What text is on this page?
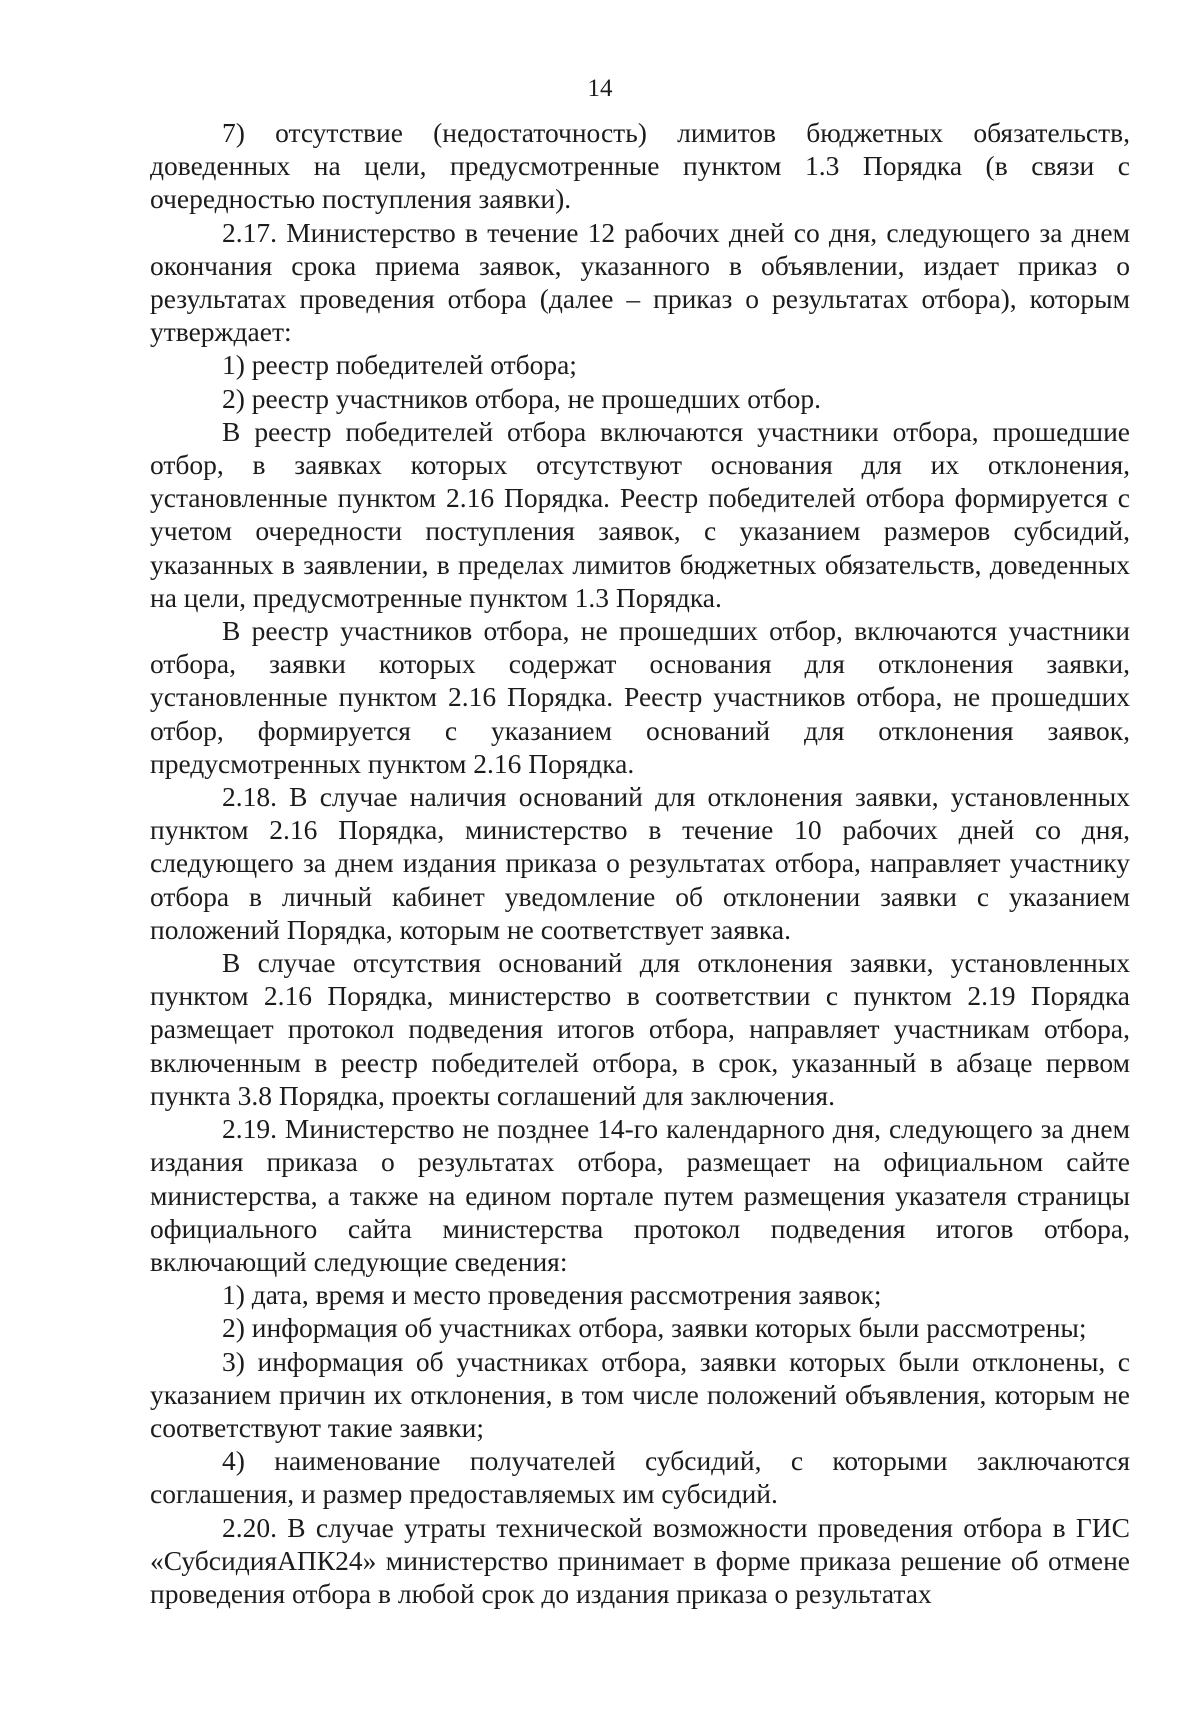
14

7) отсутствие (недостаточность) лимитов бюджетных обязательств, доведенных на цели, предусмотренные пунктом 1.3 Порядка (в связи с очередностью поступления заявки).

2.17. Министерство в течение 12 рабочих дней со дня, следующего за днем окончания срока приема заявок, указанного в объявлении, издает приказ о результатах проведения отбора (далее – приказ о результатах отбора), которым утверждает:

1) реестр победителей отбора;

2) реестр участников отбора, не прошедших отбор.

В реестр победителей отбора включаются участники отбора, прошедшие отбор, в заявках которых отсутствуют основания для их отклонения, установленные пунктом 2.16 Порядка. Реестр победителей отбора формируется с учетом очередности поступления заявок, с указанием размеров субсидий, указанных в заявлении, в пределах лимитов бюджетных обязательств, доведенных на цели, предусмотренные пунктом 1.3 Порядка.

В реестр участников отбора, не прошедших отбор, включаются участники отбора, заявки которых содержат основания для отклонения заявки, установленные пунктом 2.16 Порядка. Реестр участников отбора, не прошедших отбор, формируется с указанием оснований для отклонения заявок, предусмотренных пунктом 2.16 Порядка.

2.18. В случае наличия оснований для отклонения заявки, установленных пунктом 2.16 Порядка, министерство в течение 10 рабочих дней со дня, следующего за днем издания приказа о результатах отбора, направляет участнику отбора в личный кабинет уведомление об отклонении заявки с указанием положений Порядка, которым не соответствует заявка.

В случае отсутствия оснований для отклонения заявки, установленных пунктом 2.16 Порядка, министерство в соответствии с пунктом 2.19 Порядка размещает протокол подведения итогов отбора, направляет участникам отбора, включенным в реестр победителей отбора, в срок, указанный в абзаце первом пункта 3.8 Порядка, проекты соглашений для заключения.

2.19. Министерство не позднее 14-го календарного дня, следующего за днем издания приказа о результатах отбора, размещает на официальном сайте министерства, а также на едином портале путем размещения указателя страницы официального сайта министерства протокол подведения итогов отбора, включающий следующие сведения:

1) дата, время и место проведения рассмотрения заявок;

2) информация об участниках отбора, заявки которых были рассмотрены;

3) информация об участниках отбора, заявки которых были отклонены, с указанием причин их отклонения, в том числе положений объявления, которым не соответствуют такие заявки;

4) наименование получателей субсидий, с которыми заключаются соглашения, и размер предоставляемых им субсидий.

2.20. В случае утраты технической возможности проведения отбора в ГИС «СубсидияАПК24» министерство принимает в форме приказа решение об отмене проведения отбора в любой срок до издания приказа о результатах
